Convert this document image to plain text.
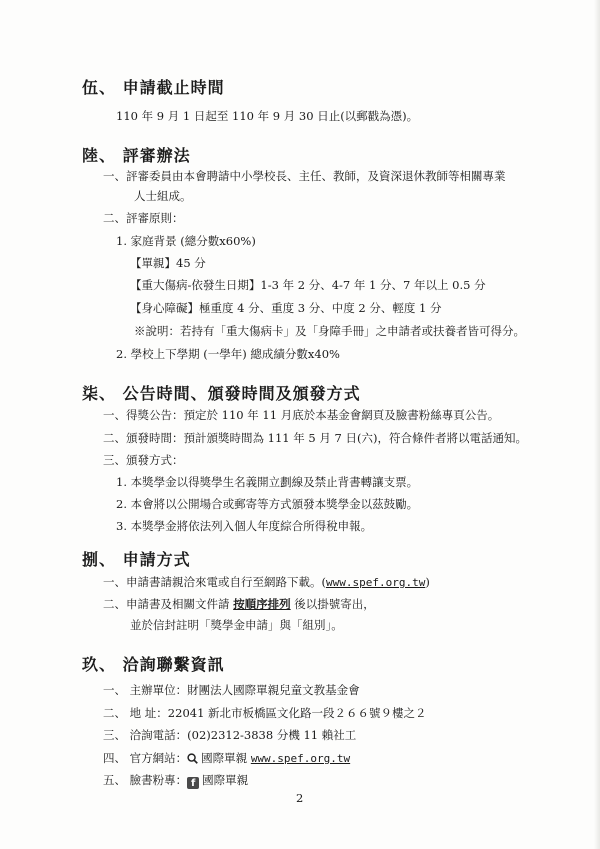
伍、 申請截止時間
110 年 9 月 1 日起至 110 年 9 月 30 日止(以郵戳為憑)。
陸、 評審辦法
一、評審委員由本會聘請中小學校長、主任、教師，及資深退休教師等相關專業
人士組成。
二、評審原則：
1. 家庭背景 (總分數x60%)
【單親】45 分
【重大傷病-依發生日期】1-3 年 2 分、4-7 年 1 分、7 年以上 0.5 分
【身心障礙】極重度 4 分、重度 3 分、中度 2 分、輕度 1 分
※說明：若持有「重大傷病卡」及「身障手冊」之申請者或扶養者皆可得分。
2. 學校上下學期 (一學年) 總成績分數x40%
柒、 公告時間、頒發時間及頒發方式
一、得獎公告：預定於 110 年 11 月底於本基金會網頁及臉書粉絲專頁公告。
二、頒發時間：預計頒獎時間為 111 年 5 月 7 日(六)，符合條件者將以電話通知。
三、頒發方式：
1. 本獎學金以得獎學生名義開立劃線及禁止背書轉讓支票。
2. 本會將以公開場合或郵寄等方式頒發本獎學金以茲鼓勵。
3. 本獎學金將依法列入個人年度綜合所得稅申報。
捌、 申請方式
一、申請書請親洽來電或自行至網路下載。(www.spef.org.tw)
二、申請書及相關文件請 按順序排列 後以掛號寄出，
並於信封註明「獎學金申請」與「組別」。
玖、 洽詢聯繫資訊
一、 主辦單位：財團法人國際單親兒童文教基金會
二、 地 址：22041 新北市板橋區文化路一段２６６號９樓之２
三、 洽詢電話：(02)2312-3838 分機 11 賴社工
四、 官方網站： 國際單親 www.spef.org.tw
五、 臉書粉專： f 國際單親
2
